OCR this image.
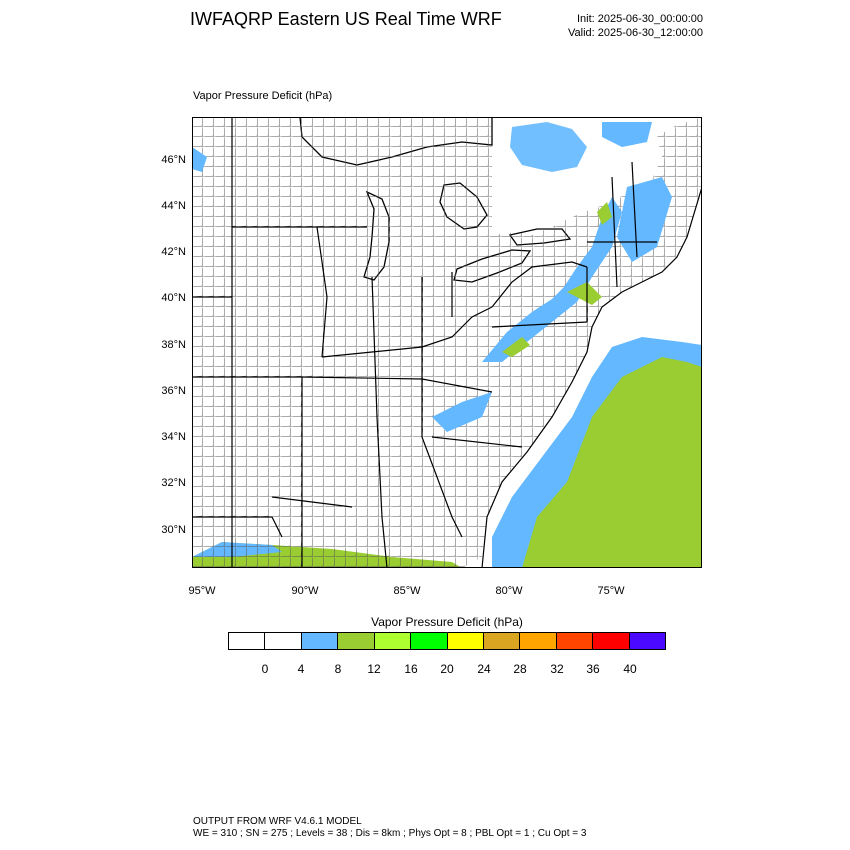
IWFAQRP Eastern US Real Time WRF	Init: 2025-06-30_00:00:00
Valid: 2025-06-30_12:00:00
Vapor Pressure Deficit (hPa)
46°N
44°N
42°N
40°N
38°N
36°N
34°N
32°N
30°N
95°W	90°W	85°W	80°W	75°W
Vapor Pressure Deficit (hPa)
0	4	8	12	16	20	24	28	32	36	40
OUTPUT FROM WRF V4.6.1 MODEL
WE = 310 ; SN = 275 ; Levels = 38 ; Dis = 8km ; Phys Opt = 8 ; PBL Opt = 1 ; Cu Opt = 3
